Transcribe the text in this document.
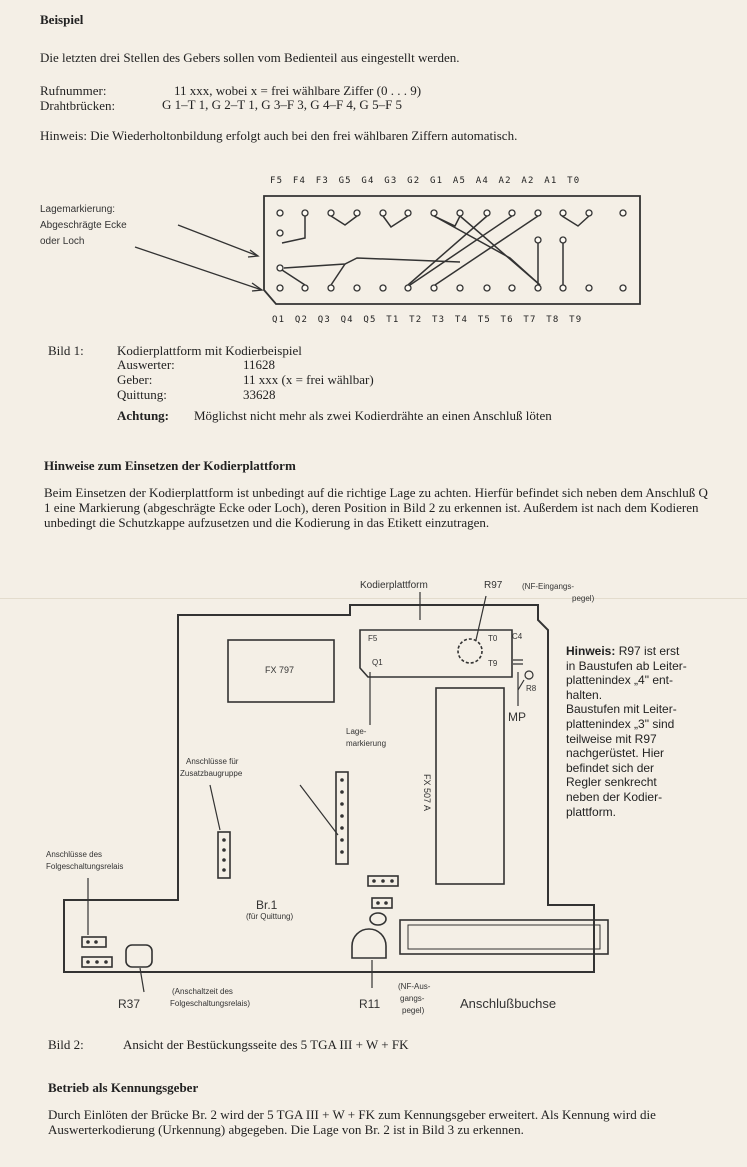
Beispiel
Die letzten drei Stellen des Gebers sollen vom Bedienteil aus eingestellt werden.
Rufnummer:	11 xxx, wobei x = frei wählbare Ziffer (0 . . . 9)
Drahtbrücken:	G 1–T 1, G 2–T 1, G 3–F 3, G 4–F 4, G 5–F 5
Hinweis: Die Wiederholtonbildung erfolgt auch bei den frei wählbaren Ziffern automatisch.
F5 F4 F3 G5 G4 G3 G2 G1 A5 A4 A2 A2 A1 T0
Q1 Q2 Q3 Q4 Q5 T1 T2 T3 T4 T5 T6 T7 T8 T9
Lagemarkierung:
Abgeschrägte Ecke
oder Loch
Bild 1:	Kodierplattform mit Kodierbeispiel
Auswerter:	11628
Geber:	11 xxx (x = frei wählbar)
Quittung:	33628
Achtung: Möglichst nicht mehr als zwei Kodierdrähte an einen Anschluß löten
Hinweise zum Einsetzen der Kodierplattform
Beim Einsetzen der Kodierplattform ist unbedingt auf die richtige Lage zu achten. Hierfür befindet sich neben dem Anschluß Q 1 eine Markierung (abgeschrägte Ecke oder Loch), deren Position in Bild 2 zu erkennen ist. Außerdem ist nach dem Kodieren unbedingt die Schutzkappe aufzusetzen und die Kodierung in das Etikett einzutragen.
Kodierplattform	R97 (NF-Eingangs-
pegel)
F5
Q1
T0
T9
C4
R8
MP
FX 797
FX 507 A
Lage-
markierung
Anschlüsse für
Zusatzbaugruppe
Anschlüsse des
Folgeschaltungsrelais
Br.1
(für Quittung)
R37
(Anschaltzeit des
Folgeschaltungsrelais)	R11
(NF-Aus-
gangs-
pegel)	Anschlußbuchse
Hinweis: R97 ist erst
in Baustufen ab Leiter-
plattenindex „4" ent-
halten.
Baustufen mit Leiter-
plattenindex „3" sind
teilweise mit R97
nachgerüstet. Hier
befindet sich der
Regler senkrecht
neben der Kodier-
plattform.
Bild 2:	Ansicht der Bestückungsseite des 5 TGA III + W + FK
Betrieb als Kennungsgeber
Durch Einlöten der Brücke Br. 2 wird der 5 TGA III + W + FK zum Kennungsgeber erweitert. Als Kennung wird die Auswerterkodierung (Urkennung) abgegeben. Die Lage von Br. 2 ist in Bild 3 zu erkennen.
